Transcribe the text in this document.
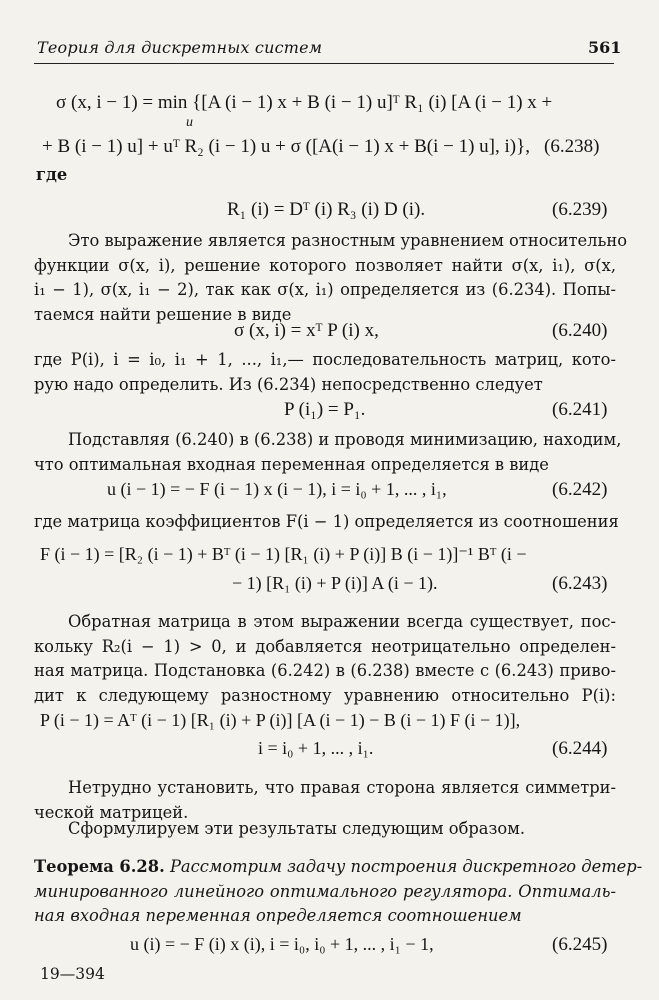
Теория для дискретных систем	561
σ (x, i − 1) = min {[A (i − 1) x + B (i − 1) u]ᵀ R₁ (i) [A (i − 1) x +
u
+ B (i − 1) u] + uᵀ R₂ (i − 1) u + σ ([A(i − 1) x + B(i − 1) u], i)}, (6.238)
где
R₁ (i) = Dᵀ (i) R₃ (i) D (i).	(6.239)
Это выражение является разностным уравнением относительно
функции σ(x, i), решение которого позволяет найти σ(x, i₁), σ(x,
i₁ − 1), σ(x, i₁ − 2), так как σ(x, i₁) определяется из (6.234). Попы-
таемся найти решение в виде
σ (x, i) = xᵀ P (i) x,	(6.240)
где P(i), i = i₀, i₁ + 1, ..., i₁,— последовательность матриц, кото-
рую надо определить. Из (6.234) непосредственно следует
P (i₁) = P₁.	(6.241)
Подставляя (6.240) в (6.238) и проводя минимизацию, находим,
что оптимальная входная переменная определяется в виде
u (i − 1) = − F (i − 1) x (i − 1), i = i₀ + 1, ... , i₁,	(6.242)
где матрица коэффициентов F(i − 1) определяется из соотношения
F (i − 1) = [R₂ (i − 1) + Bᵀ (i − 1) [R₁ (i) + P (i)] B (i − 1)]⁻¹ Bᵀ (i −
− 1) [R₁ (i) + P (i)] A (i − 1).	(6.243)
Обратная матрица в этом выражении всегда существует, пос-
кольку R₂(i − 1) > 0, и добавляется неотрицательно определен-
ная матрица. Подстановка (6.242) в (6.238) вместе с (6.243) приво-
дит к следующему разностному уравнению относительно P(i):
P (i − 1) = Aᵀ (i − 1) [R₁ (i) + P (i)] [A (i − 1) − B (i − 1) F (i − 1)],
i = i₀ + 1, ... , i₁.	(6.244)
Нетрудно установить, что правая сторона является симметри-
ческой матрицей.
Сформулируем эти результаты следующим образом.
Теорема 6.28. Рассмотрим задачу построения дискретного детер-
минированного линейного оптимального регулятора. Оптималь-
ная входная переменная определяется соотношением
u (i) = − F (i) x (i), i = i₀, i₀ + 1, ... , i₁ − 1,	(6.245)
19—394
